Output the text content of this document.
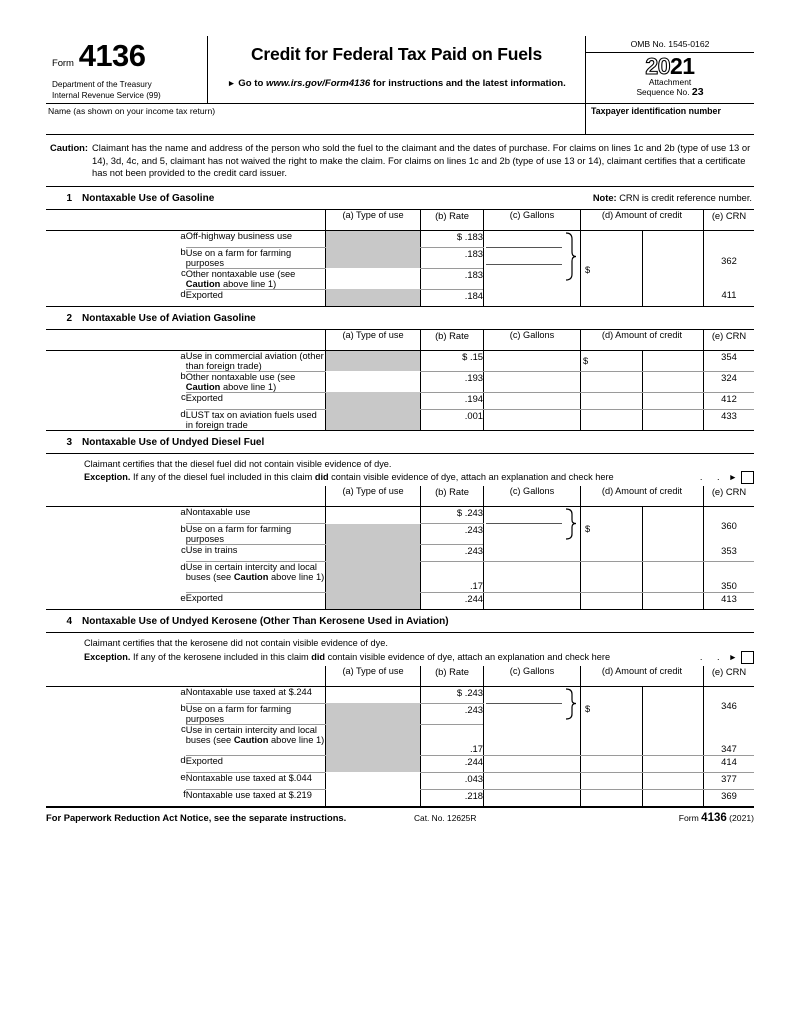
Form 4136
Department of the Treasury
Internal Revenue Service (99)
Credit for Federal Tax Paid on Fuels
► Go to www.irs.gov/Form4136 for instructions and the latest information.
OMB No. 1545-0162
2021
Attachment
Sequence No. 23
Name (as shown on your income tax return)	Taxpayer identification number
Caution: Claimant has the name and address of the person who sold the fuel to the claimant and the dates of purchase. For claims on lines 1c and 2b (type of use 13 or 14), 3d, 4c, and 5, claimant has not waived the right to make the claim. For claims on lines 1c and 2b (type of use 13 or 14), claimant certifies that a certificate has not been provided to the credit card issuer.
1	Nontaxable Use of Gasoline	Note: CRN is credit reference number.
		(a) Type of use	(b) Rate	(c) Gallons	(d) Amount of credit		(e) CRN
a	Off-highway business use		$ .183		$		362
b	Use on a farm for farming purposes		.183				
c	Other nontaxable use (see Caution above line 1)		.183				
d	Exported		.184				411
2	Nontaxable Use of Aviation Gasoline
		(a) Type of use	(b) Rate	(c) Gallons	(d) Amount of credit		(e) CRN
a	Use in commercial aviation (other than foreign trade)		$ .15		$		354
b	Other nontaxable use (see Caution above line 1)		.193				324
c	Exported		.194				412
d	LUST tax on aviation fuels used in foreign trade		.001				433
3	Nontaxable Use of Undyed Diesel Fuel
Claimant certifies that the diesel fuel did not contain visible evidence of dye.
Exception. If any of the diesel fuel included in this claim did contain visible evidence of dye, attach an explanation and check here	. . ►
		(a) Type of use	(b) Rate	(c) Gallons	(d) Amount of credit		(e) CRN
a	Nontaxable use		$ .243		$		360
b	Use on a farm for farming purposes		.243				
c	Use in trains		.243				353
d	Use in certain intercity and local buses (see Caution above line 1)		.17				350
e	Exported		.244				413
4	Nontaxable Use of Undyed Kerosene (Other Than Kerosene Used in Aviation)
Claimant certifies that the kerosene did not contain visible evidence of dye.
Exception. If any of the kerosene included in this claim did contain visible evidence of dye, attach an explanation and check here	. . ►
		(a) Type of use	(b) Rate	(c) Gallons	(d) Amount of credit		(e) CRN
a	Nontaxable use taxed at $.244		$ .243		$		346
b	Use on a farm for farming purposes		.243				
c	Use in certain intercity and local buses (see Caution above line 1)		.17				347
d	Exported		.244				414
e	Nontaxable use taxed at $.044		.043				377
f	Nontaxable use taxed at $.219		.218				369
For Paperwork Reduction Act Notice, see the separate instructions.	Cat. No. 12625R	Form 4136 (2021)
